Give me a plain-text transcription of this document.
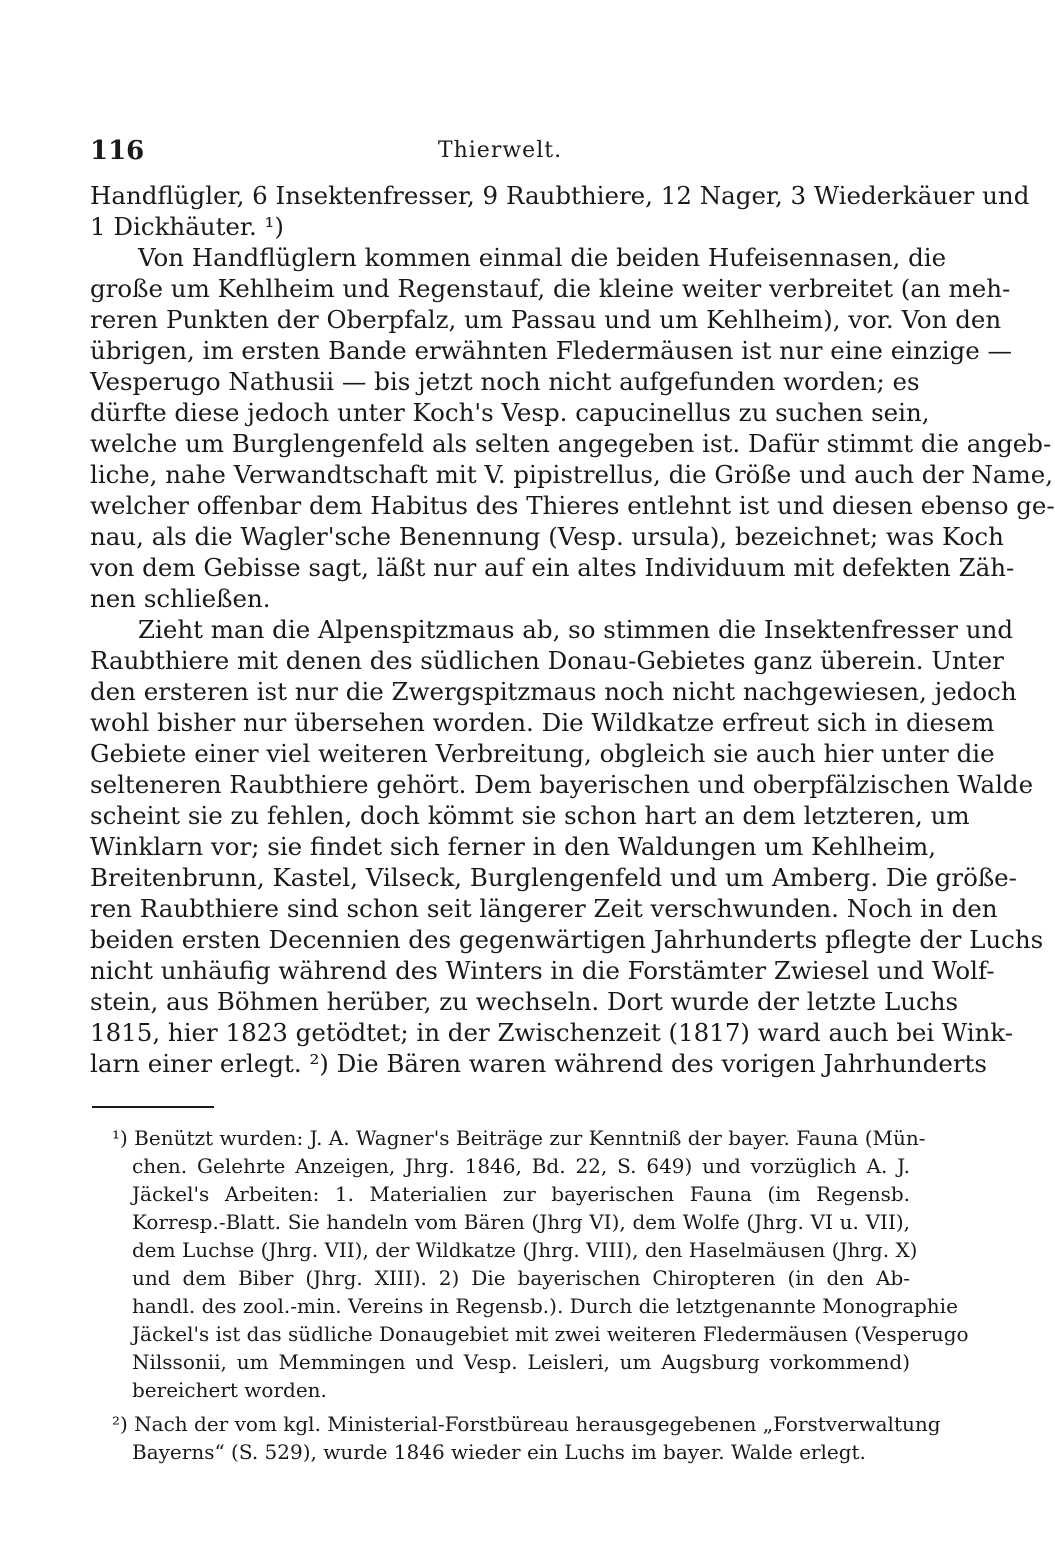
116	Thierwelt.
Handflügler, 6 Insektenfresser, 9 Raubthiere, 12 Nager, 3 Wiederkäuer und
1 Dickhäuter. ¹)
Von Handflüglern kommen einmal die beiden Hufeisennasen, die
große um Kehlheim und Regenstauf, die kleine weiter verbreitet (an meh-
reren Punkten der Oberpfalz, um Passau und um Kehlheim), vor. Von den
übrigen, im ersten Bande erwähnten Fledermäusen ist nur eine einzige —
Vesperugo Nathusii — bis jetzt noch nicht aufgefunden worden; es
dürfte diese jedoch unter Koch's Vesp. capucinellus zu suchen sein,
welche um Burglengenfeld als selten angegeben ist. Dafür stimmt die angeb-
liche, nahe Verwandtschaft mit V. pipistrellus, die Größe und auch der Name,
welcher offenbar dem Habitus des Thieres entlehnt ist und diesen ebenso ge-
nau, als die Wagler'sche Benennung (Vesp. ursula), bezeichnet; was Koch
von dem Gebisse sagt, läßt nur auf ein altes Individuum mit defekten Zäh-
nen schließen.
Zieht man die Alpenspitzmaus ab, so stimmen die Insektenfresser und
Raubthiere mit denen des südlichen Donau-Gebietes ganz überein. Unter
den ersteren ist nur die Zwergspitzmaus noch nicht nachgewiesen, jedoch
wohl bisher nur übersehen worden. Die Wildkatze erfreut sich in diesem
Gebiete einer viel weiteren Verbreitung, obgleich sie auch hier unter die
selteneren Raubthiere gehört. Dem bayerischen und oberpfälzischen Walde
scheint sie zu fehlen, doch kömmt sie schon hart an dem letzteren, um
Winklarn vor; sie findet sich ferner in den Waldungen um Kehlheim,
Breitenbrunn, Kastel, Vilseck, Burglengenfeld und um Amberg. Die größe-
ren Raubthiere sind schon seit längerer Zeit verschwunden. Noch in den
beiden ersten Decennien des gegenwärtigen Jahrhunderts pflegte der Luchs
nicht unhäufig während des Winters in die Forstämter Zwiesel und Wolf-
stein, aus Böhmen herüber, zu wechseln. Dort wurde der letzte Luchs
1815, hier 1823 getödtet; in der Zwischenzeit (1817) ward auch bei Wink-
larn einer erlegt. ²) Die Bären waren während des vorigen Jahrhunderts
¹) Benützt wurden: J. A. Wagner's Beiträge zur Kenntniß der bayer. Fauna (Mün-
chen. Gelehrte Anzeigen, Jhrg. 1846, Bd. 22, S. 649) und vorzüglich A. J.
Jäckel's Arbeiten: 1. Materialien zur bayerischen Fauna (im Regensb.
Korresp.-Blatt. Sie handeln vom Bären (Jhrg VI), dem Wolfe (Jhrg. VI u. VII),
dem Luchse (Jhrg. VII), der Wildkatze (Jhrg. VIII), den Haselmäusen (Jhrg. X)
und dem Biber (Jhrg. XIII). 2) Die bayerischen Chiropteren (in den Ab-
handl. des zool.-min. Vereins in Regensb.). Durch die letztgenannte Monographie
Jäckel's ist das südliche Donaugebiet mit zwei weiteren Fledermäusen (Vesperugo
Nilssonii, um Memmingen und Vesp. Leisleri, um Augsburg vorkommend)
bereichert worden.
²) Nach der vom kgl. Ministerial-Forstbüreau herausgegebenen „Forstverwaltung
Bayerns“ (S. 529), wurde 1846 wieder ein Luchs im bayer. Walde erlegt.
